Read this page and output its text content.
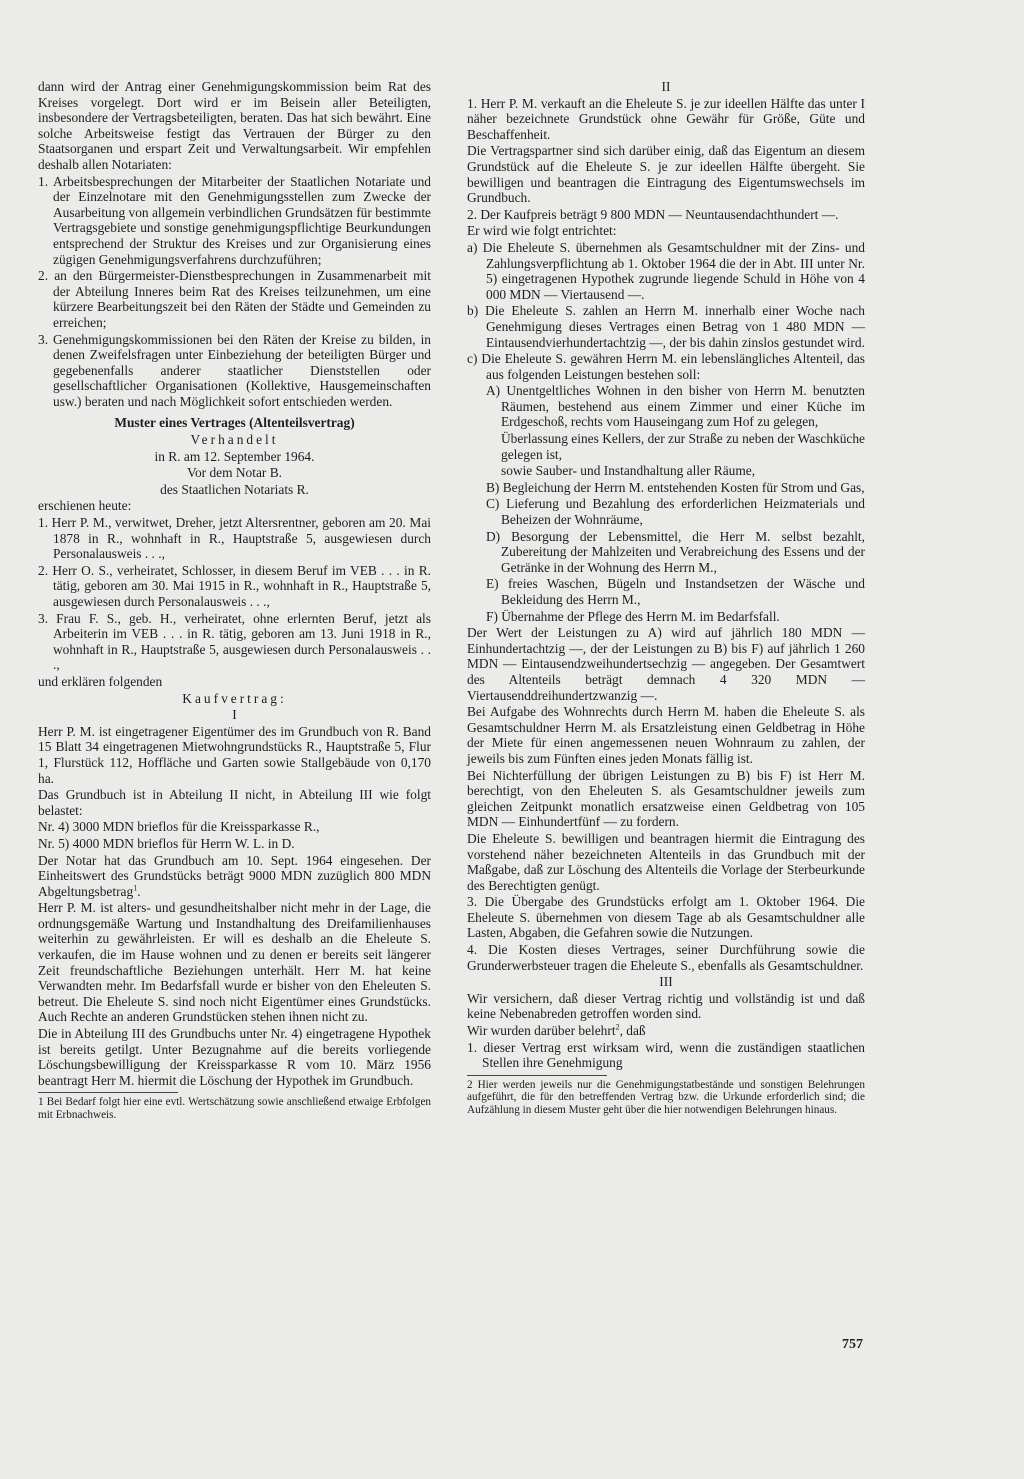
dann wird der Antrag einer Genehmigungskommission beim Rat des Kreises vorgelegt. Dort wird er im Beisein aller Beteiligten, insbesondere der Vertragsbeteiligten, beraten. Das hat sich bewährt. Eine solche Arbeitsweise festigt das Vertrauen der Bürger zu den Staatsorganen und erspart Zeit und Verwaltungsarbeit. Wir empfehlen deshalb allen Notariaten:

1. Arbeitsbesprechungen der Mitarbeiter der Staatlichen Notariate und der Einzelnotare mit den Genehmigungsstellen zum Zwecke der Ausarbeitung von allgemein verbindlichen Grundsätzen für bestimmte Vertragsgebiete und sonstige genehmigungspflichtige Beurkundungen entsprechend der Struktur des Kreises und zur Organisierung eines zügigen Genehmigungsverfahrens durchzuführen;

2. an den Bürgermeister-Dienstbesprechungen in Zusammenarbeit mit der Abteilung Inneres beim Rat des Kreises teilzunehmen, um eine kürzere Bearbeitungszeit bei den Räten der Städte und Gemeinden zu erreichen;

3. Genehmigungskommissionen bei den Räten der Kreise zu bilden, in denen Zweifelsfragen unter Einbeziehung der beteiligten Bürger und gegebenenfalls anderer staatlicher Dienststellen oder gesellschaftlicher Organisationen (Kollektive, Hausgemeinschaften usw.) beraten und nach Möglichkeit sofort entschieden werden.

Muster eines Vertrages (Altenteilsvertrag)

Verhandelt

in R. am 12. September 1964.

Vor dem Notar B.

des Staatlichen Notariats R.

erschienen heute:

1. Herr P. M., verwitwet, Dreher, jetzt Altersrentner, geboren am 20. Mai 1878 in R., wohnhaft in R., Hauptstraße 5, ausgewiesen durch Personalausweis . . .,

2. Herr O. S., verheiratet, Schlosser, in diesem Beruf im VEB . . . in R. tätig, geboren am 30. Mai 1915 in R., wohnhaft in R., Hauptstraße 5, ausgewiesen durch Personalausweis . . .,

3. Frau F. S., geb. H., verheiratet, ohne erlernten Beruf, jetzt als Arbeiterin im VEB . . . in R. tätig, geboren am 13. Juni 1918 in R., wohnhaft in R., Hauptstraße 5, ausgewiesen durch Personalausweis . . .,

und erklären folgenden

Kaufvertrag:

I

Herr P. M. ist eingetragener Eigentümer des im Grundbuch von R. Band 15 Blatt 34 eingetragenen Mietwohngrundstücks R., Hauptstraße 5, Flur 1, Flurstück 112, Hoffläche und Garten sowie Stallgebäude von 0,170 ha.

Das Grundbuch ist in Abteilung II nicht, in Abteilung III wie folgt belastet:

Nr. 4) 3000 MDN brieflos für die Kreissparkasse R.,

Nr. 5) 4000 MDN brieflos für Herrn W. L. in D.

Der Notar hat das Grundbuch am 10. Sept. 1964 eingesehen. Der Einheitswert des Grundstücks beträgt 9000 MDN zuzüglich 800 MDN Abgeltungsbetrag$^1$.

Herr P. M. ist alters- und gesundheitshalber nicht mehr in der Lage, die ordnungsgemäße Wartung und Instandhaltung des Dreifamilienhauses weiterhin zu gewährleisten. Er will es deshalb an die Eheleute S. verkaufen, die im Hause wohnen und zu denen er bereits seit längerer Zeit freundschaftliche Beziehungen unterhält. Herr M. hat keine Verwandten mehr. Im Bedarfsfall wurde er bisher von den Eheleuten S. betreut. Die Eheleute S. sind noch nicht Eigentümer eines Grundstücks. Auch Rechte an anderen Grundstücken stehen ihnen nicht zu.

Die in Abteilung III des Grundbuchs unter Nr. 4) eingetragene Hypothek ist bereits getilgt. Unter Bezugnahme auf die bereits vorliegende Löschungsbewilligung der Kreissparkasse R vom 10. März 1956 beantragt Herr M. hiermit die Löschung der Hypothek im Grundbuch.

1 Bei Bedarf folgt hier eine evtl. Wertschätzung sowie anschließend etwaige Erbfolgen mit Erbnachweis.

II

1. Herr P. M. verkauft an die Eheleute S. je zur ideellen Hälfte das unter I näher bezeichnete Grundstück ohne Gewähr für Größe, Güte und Beschaffenheit.

Die Vertragspartner sind sich darüber einig, daß das Eigentum an diesem Grundstück auf die Eheleute S. je zur ideellen Hälfte übergeht. Sie bewilligen und beantragen die Eintragung des Eigentumswechsels im Grundbuch.

2. Der Kaufpreis beträgt 9 800 MDN — Neuntausendachthundert —.

Er wird wie folgt entrichtet:

a) Die Eheleute S. übernehmen als Gesamtschuldner mit der Zins- und Zahlungsverpflichtung ab 1. Oktober 1964 die der in Abt. III unter Nr. 5) eingetragenen Hypothek zugrunde liegende Schuld in Höhe von 4 000 MDN — Viertausend —.

b) Die Eheleute S. zahlen an Herrn M. innerhalb einer Woche nach Genehmigung dieses Vertrages einen Betrag von 1 480 MDN — Eintausendvierhundertachtzig —, der bis dahin zinslos gestundet wird.

c) Die Eheleute S. gewähren Herrn M. ein lebenslängliches Altenteil, das aus folgenden Leistungen bestehen soll:

A) Unentgeltliches Wohnen in den bisher von Herrn M. benutzten Räumen, bestehend aus einem Zimmer und einer Küche im Erdgeschoß, rechts vom Hauseingang zum Hof zu gelegen,

Überlassung eines Kellers, der zur Straße zu neben der Waschküche gelegen ist,

sowie Sauber- und Instandhaltung aller Räume,

B) Begleichung der Herrn M. entstehenden Kosten für Strom und Gas,

C) Lieferung und Bezahlung des erforderlichen Heizmaterials und Beheizen der Wohnräume,

D) Besorgung der Lebensmittel, die Herr M. selbst bezahlt, Zubereitung der Mahlzeiten und Verabreichung des Essens und der Getränke in der Wohnung des Herrn M.,

E) freies Waschen, Bügeln und Instandsetzen der Wäsche und Bekleidung des Herrn M.,

F) Übernahme der Pflege des Herrn M. im Bedarfsfall.

Der Wert der Leistungen zu A) wird auf jährlich 180 MDN — Einhundertachtzig —, der der Leistungen zu B) bis F) auf jährlich 1 260 MDN — Eintausendzweihundertsechzig — angegeben. Der Gesamtwert des Altenteils beträgt demnach 4 320 MDN — Viertausenddreihundertzwanzig —.

Bei Aufgabe des Wohnrechts durch Herrn M. haben die Eheleute S. als Gesamtschuldner Herrn M. als Ersatzleistung einen Geldbetrag in Höhe der Miete für einen angemessenen neuen Wohnraum zu zahlen, der jeweils bis zum Fünften eines jeden Monats fällig ist.

Bei Nichterfüllung der übrigen Leistungen zu B) bis F) ist Herr M. berechtigt, von den Eheleuten S. als Gesamtschuldner jeweils zum gleichen Zeitpunkt monatlich ersatzweise einen Geldbetrag von 105 MDN — Einhundertfünf — zu fordern.

Die Eheleute S. bewilligen und beantragen hiermit die Eintragung des vorstehend näher bezeichneten Altenteils in das Grundbuch mit der Maßgabe, daß zur Löschung des Altenteils die Vorlage der Sterbeurkunde des Berechtigten genügt.

3. Die Übergabe des Grundstücks erfolgt am 1. Oktober 1964. Die Eheleute S. übernehmen von diesem Tage ab als Gesamtschuldner alle Lasten, Abgaben, die Gefahren sowie die Nutzungen.

4. Die Kosten dieses Vertrages, seiner Durchführung sowie die Grunderwerbsteuer tragen die Eheleute S., ebenfalls als Gesamtschuldner.

III

Wir versichern, daß dieser Vertrag richtig und vollständig ist und daß keine Nebenabreden getroffen worden sind.

Wir wurden darüber belehrt$^2$, daß

1. dieser Vertrag erst wirksam wird, wenn die zuständigen staatlichen Stellen ihre Genehmigung

2 Hier werden jeweils nur die Genehmigungstatbestände und sonstigen Belehrungen aufgeführt, die für den betreffenden Vertrag bzw. die Urkunde erforderlich sind; die Aufzählung in diesem Muster geht über die hier notwendigen Belehrungen hinaus.

757
